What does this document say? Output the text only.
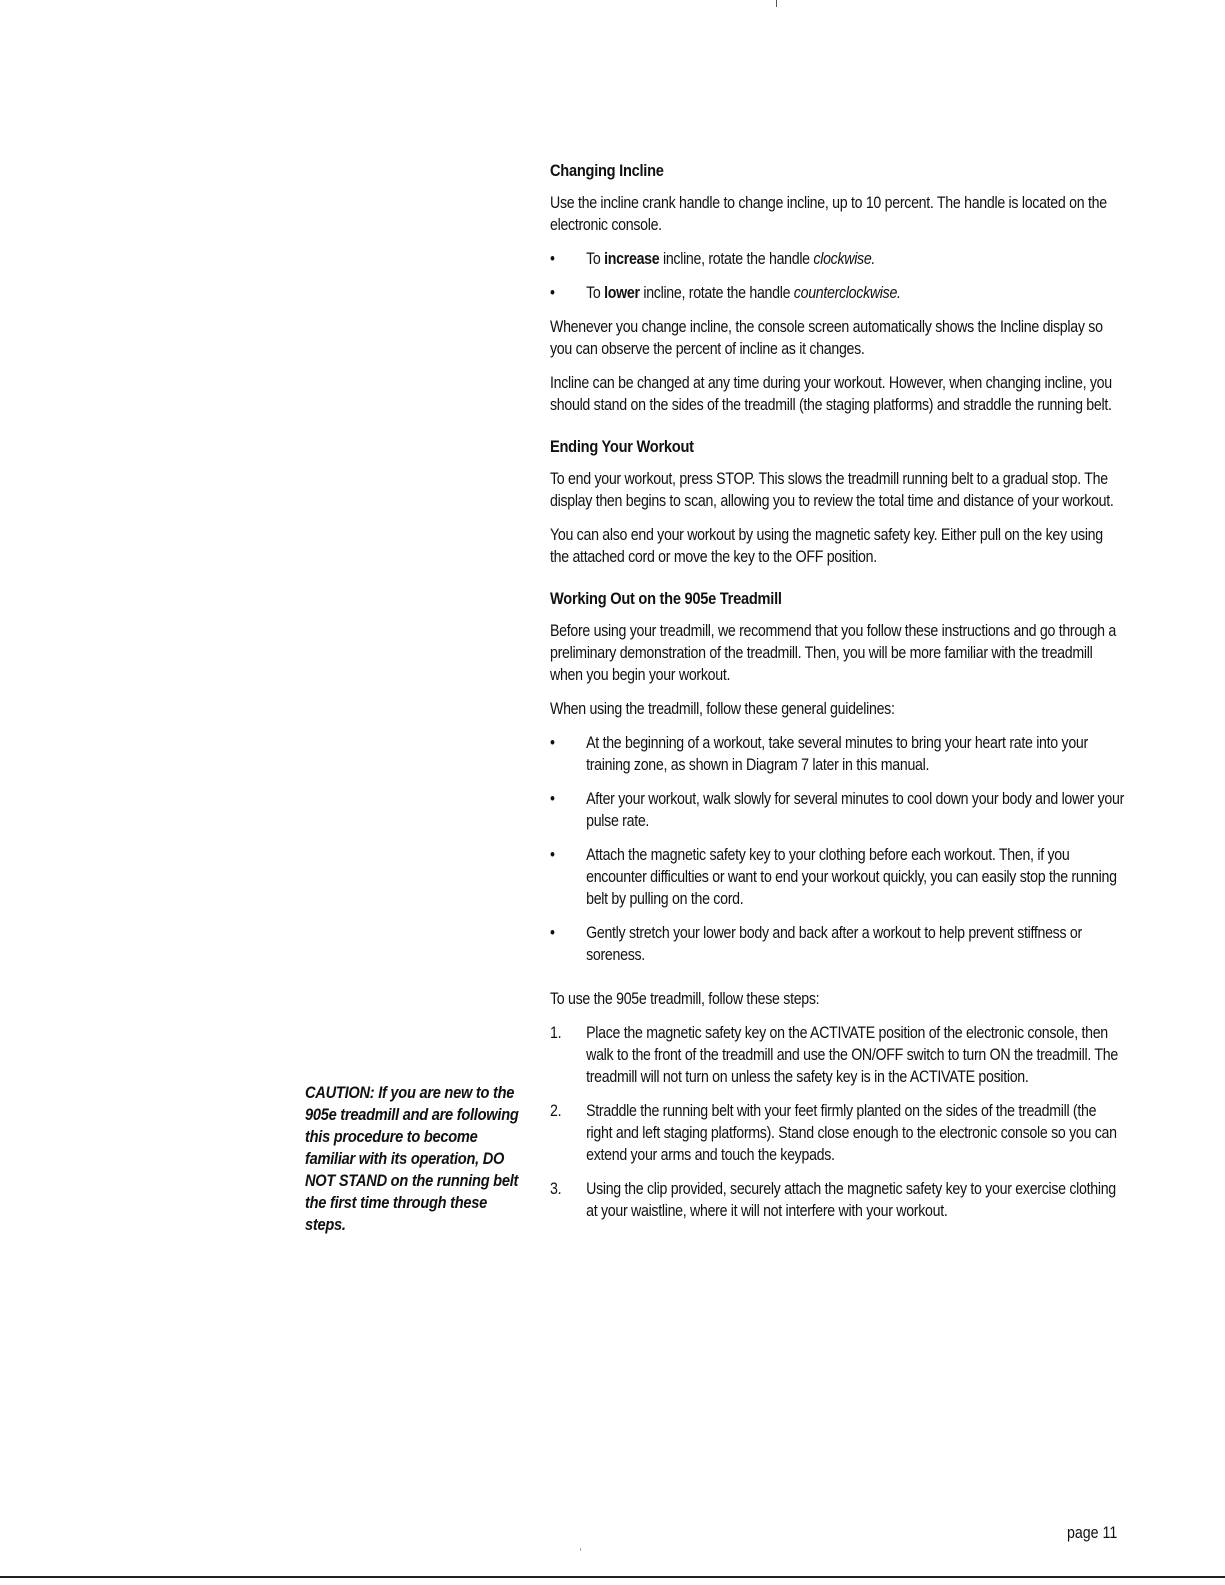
Changing Incline

Use the incline crank handle to change incline, up to 10 percent. The handle is located on the electronic console.

• To increase incline, rotate the handle clockwise.
• To lower incline, rotate the handle counterclockwise.

Whenever you change incline, the console screen automatically shows the Incline display so you can observe the percent of incline as it changes.

Incline can be changed at any time during your workout. However, when changing incline, you should stand on the sides of the treadmill (the staging platforms) and straddle the running belt.

Ending Your Workout

To end your workout, press STOP. This slows the treadmill running belt to a gradual stop. The display then begins to scan, allowing you to review the total time and distance of your workout.

You can also end your workout by using the magnetic safety key. Either pull on the key using the attached cord or move the key to the OFF position.

Working Out on the 905e Treadmill

Before using your treadmill, we recommend that you follow these instructions and go through a preliminary demonstration of the treadmill. Then, you will be more familiar with the treadmill when you begin your workout.

When using the treadmill, follow these general guidelines:

• At the beginning of a workout, take several minutes to bring your heart rate into your training zone, as shown in Diagram 7 later in this manual.
• After your workout, walk slowly for several minutes to cool down your body and lower your pulse rate.
• Attach the magnetic safety key to your clothing before each workout. Then, if you encounter difficulties or want to end your workout quickly, you can easily stop the running belt by pulling on the cord.
• Gently stretch your lower body and back after a workout to help prevent stiffness or soreness.

To use the 905e treadmill, follow these steps:

1. Place the magnetic safety key on the ACTIVATE position of the electronic console, then walk to the front of the treadmill and use the ON/OFF switch to turn ON the treadmill. The treadmill will not turn on unless the safety key is in the ACTIVATE position.
2. Straddle the running belt with your feet firmly planted on the sides of the treadmill (the right and left staging platforms). Stand close enough to the electronic console so you can extend your arms and touch the keypads.
3. Using the clip provided, securely attach the magnetic safety key to your exercise clothing at your waistline, where it will not interfere with your workout.
CAUTION: If you are new to the 905e treadmill and are following this procedure to become familiar with its operation, DO NOT STAND on the running belt the first time through these steps.
page 11
